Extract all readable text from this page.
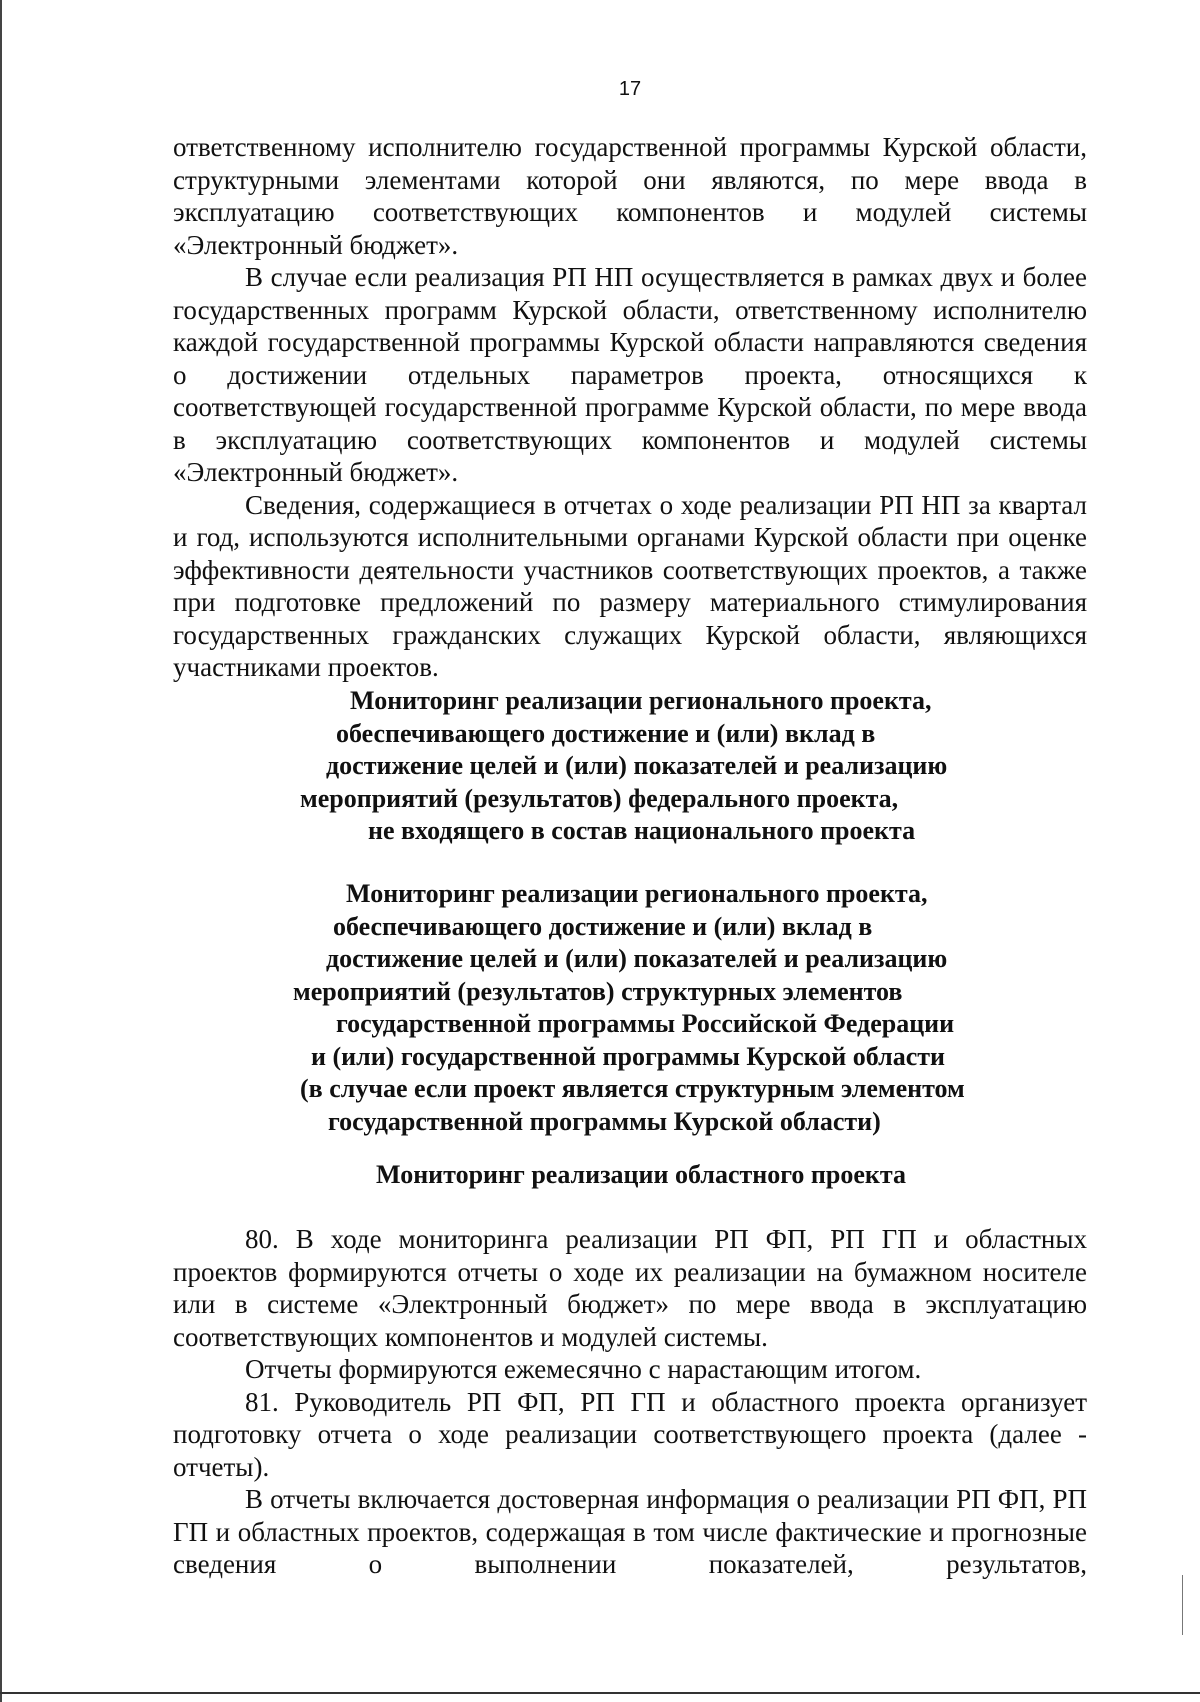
17

ответственному исполнителю государственной программы Курской области, структурными элементами которой они являются, по мере ввода в эксплуатацию соответствующих компонентов и модулей системы «Электронный бюджет».

В случае если реализация РП НП осуществляется в рамках двух и более государственных программ Курской области, ответственному исполнителю каждой государственной программы Курской области направляются сведения о достижении отдельных параметров проекта, относящихся к соответствующей государственной программе Курской области, по мере ввода в эксплуатацию соответствующих компонентов и модулей системы «Электронный бюджет».

Сведения, содержащиеся в отчетах о ходе реализации РП НП за квартал и год, используются исполнительными органами Курской области при оценке эффективности деятельности участников соответствующих проектов, а также при подготовке предложений по размеру материального стимулирования государственных гражданских служащих Курской области, являющихся участниками проектов.

Мониторинг реализации регионального проекта,
обеспечивающего достижение и (или) вклад в
достижение целей и (или) показателей и реализацию
мероприятий (результатов) федерального проекта,
не входящего в состав национального проекта
Мониторинг реализации регионального проекта,
обеспечивающего достижение и (или) вклад в
достижение целей и (или) показателей и реализацию
мероприятий (результатов) структурных элементов
государственной программы Российской Федерации
и (или) государственной программы Курской области
(в случае если проект является структурным элементом
государственной программы Курской области)
Мониторинг реализации областного проекта

80. В ходе мониторинга реализации РП ФП, РП ГП и областных проектов формируются отчеты о ходе их реализации на бумажном носителе или в системе «Электронный бюджет» по мере ввода в эксплуатацию соответствующих компонентов и модулей системы.

Отчеты формируются ежемесячно с нарастающим итогом.

81. Руководитель РП ФП, РП ГП и областного проекта организует подготовку отчета о ходе реализации соответствующего проекта (далее - отчеты).

В отчеты включается достоверная информация о реализации РП ФП, РП ГП и областных проектов, содержащая в том числе фактические и прогнозные сведения о выполнении показателей, результатов,
